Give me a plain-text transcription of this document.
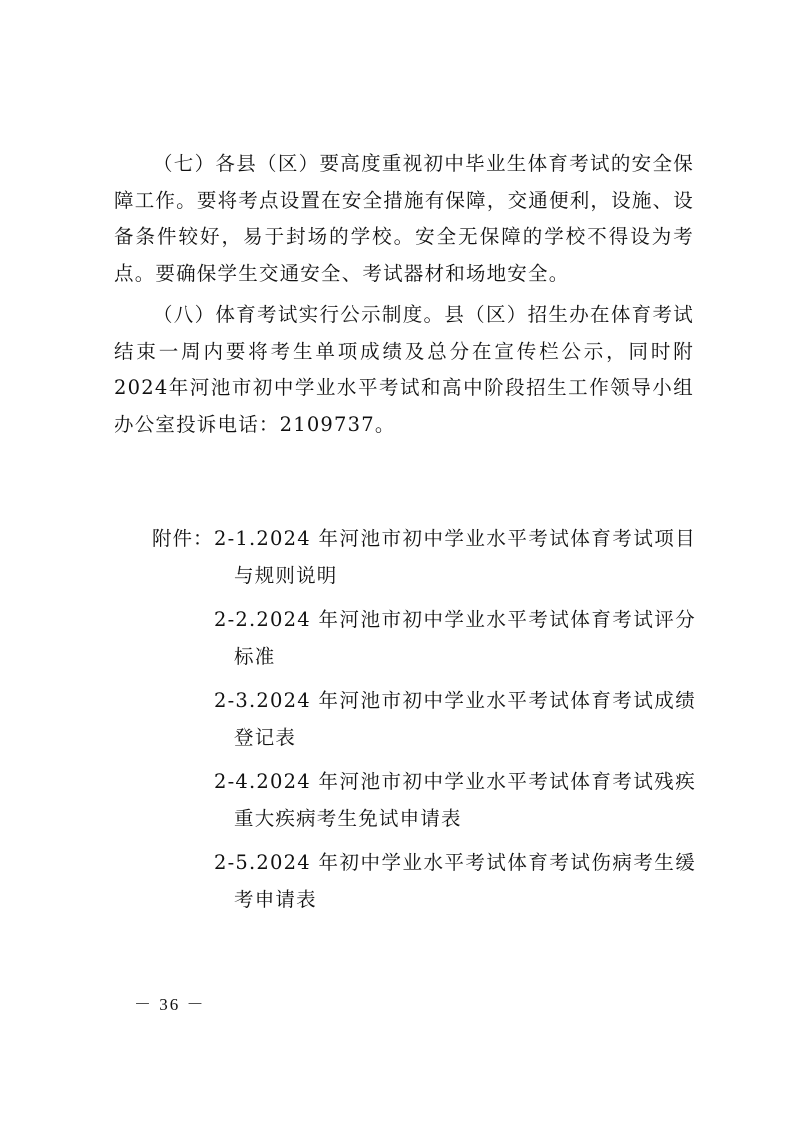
（七）各县（区）要高度重视初中毕业生体育考试的安全保障工作。要将考点设置在安全措施有保障，交通便利，设施、设备条件较好，易于封场的学校。安全无保障的学校不得设为考点。要确保学生交通安全、考试器材和场地安全。

（八）体育考试实行公示制度。县（区）招生办在体育考试结束一周内要将考生单项成绩及总分在宣传栏公示，同时附2024年河池市初中学业水平考试和高中阶段招生工作领导小组办公室投诉电话：2109737。

附件： 2-1.2024 年河池市初中学业水平考试体育考试项目与规则说明
2-2.2024 年河池市初中学业水平考试体育考试评分标准
2-3.2024 年河池市初中学业水平考试体育考试成绩登记表
2-4.2024 年河池市初中学业水平考试体育考试残疾重大疾病考生免试申请表
2-5.2024 年初中学业水平考试体育考试伤病考生缓考申请表
－ 36 －
